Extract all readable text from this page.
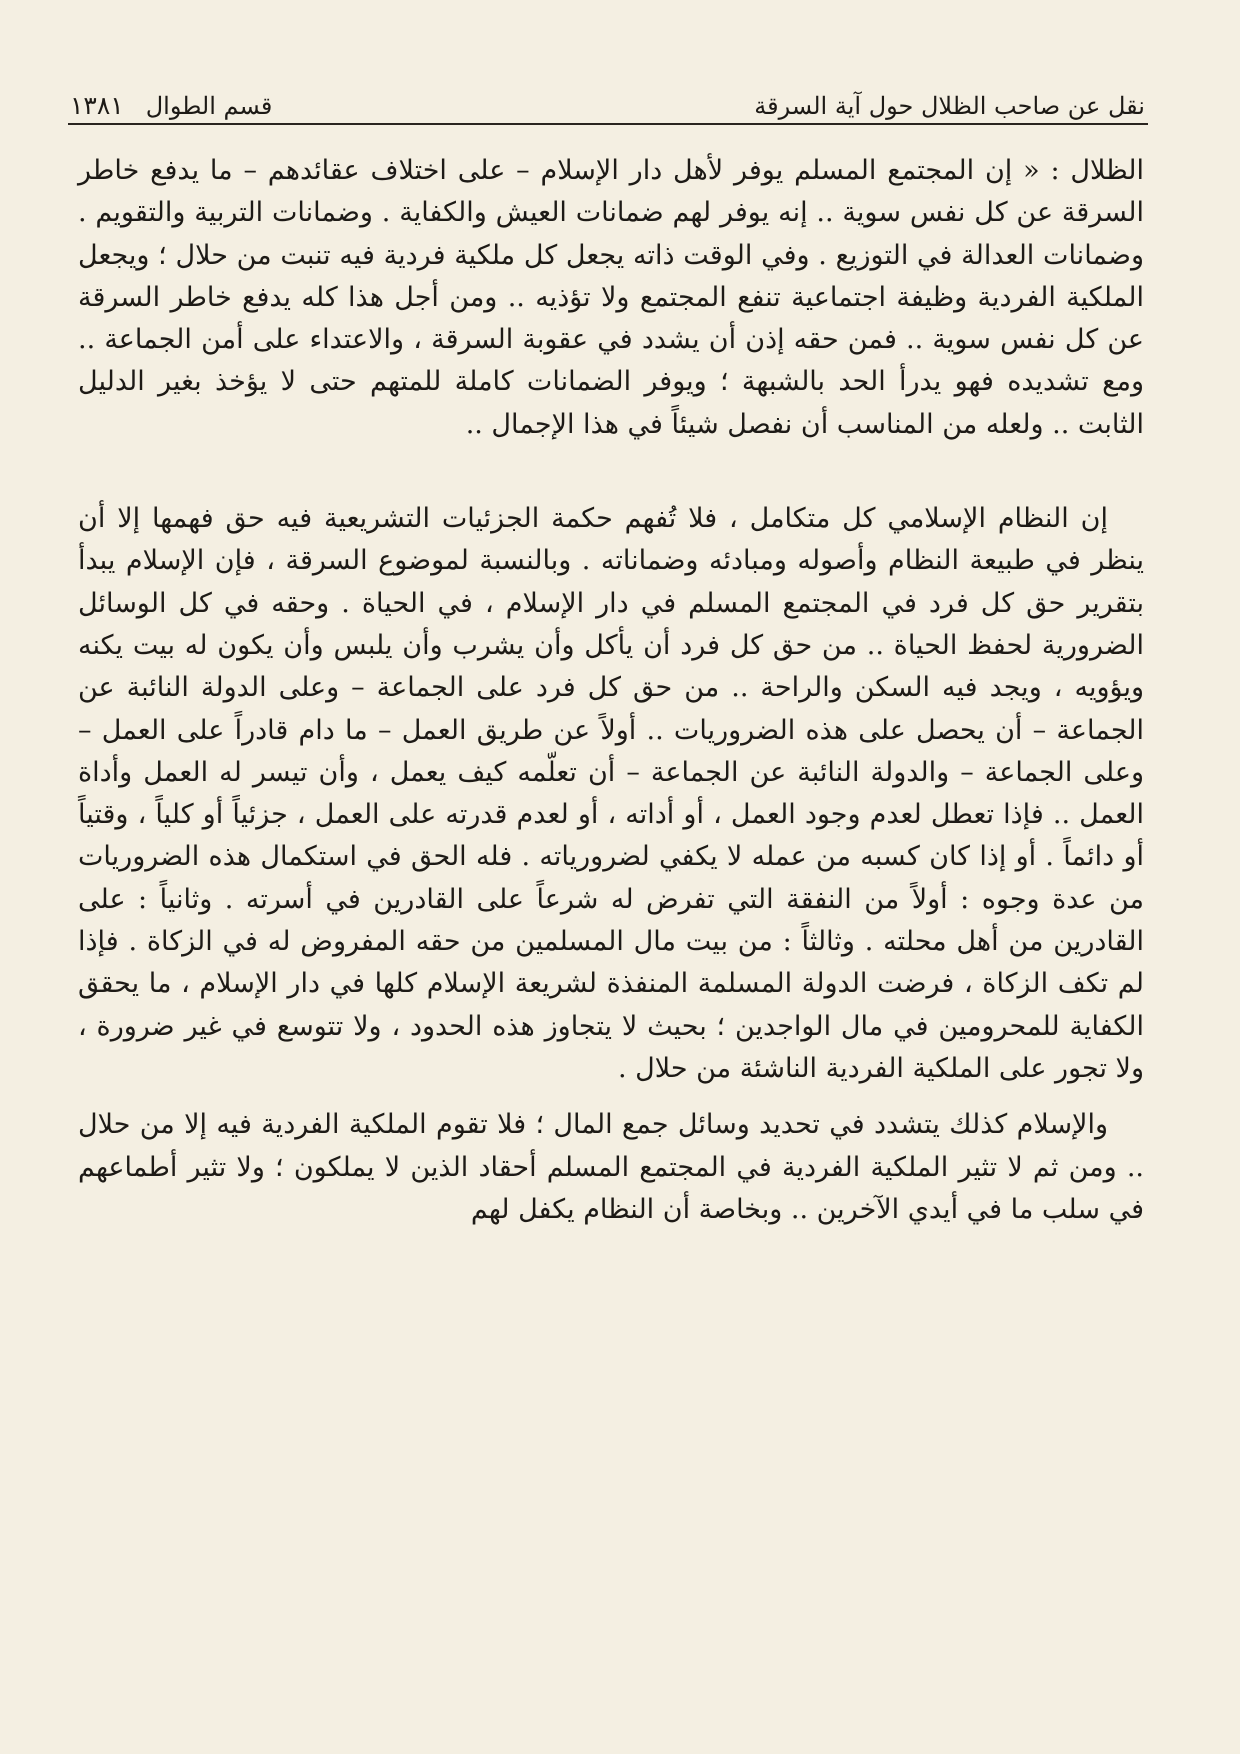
نقل عن صاحب الظلال حول آية السرقة
قسم الطوال
١٣٨١

الظلال : « إن المجتمع المسلم يوفر لأهل دار الإسلام – على اختلاف عقائدهم – ما يدفع خاطر السرقة عن كل نفس سوية .. إنه يوفر لهم ضمانات العيش والكفاية . وضمانات التربية والتقويم . وضمانات العدالة في التوزيع . وفي الوقت ذاته يجعل كل ملكية فردية فيه تنبت من حلال ؛ ويجعل الملكية الفردية وظيفة اجتماعية تنفع المجتمع ولا تؤذيه .. ومن أجل هذا كله يدفع خاطر السرقة عن كل نفس سوية .. فمن حقه إذن أن يشدد في عقوبة السرقة ، والاعتداء على أمن الجماعة .. ومع تشديده فهو يدرأ الحد بالشبهة ؛ ويوفر الضمانات كاملة للمتهم حتى لا يؤخذ بغير الدليل الثابت .. ولعله من المناسب أن نفصل شيئاً في هذا الإجمال ..

إن النظام الإسلامي كل متكامل ، فلا تُفهم حكمة الجزئيات التشريعية فيه حق فهمها إلا أن ينظر في طبيعة النظام وأصوله ومبادئه وضماناته . وبالنسبة لموضوع السرقة ، فإن الإسلام يبدأ بتقرير حق كل فرد في المجتمع المسلم في دار الإسلام ، في الحياة . وحقه في كل الوسائل الضرورية لحفظ الحياة .. من حق كل فرد أن يأكل وأن يشرب وأن يلبس وأن يكون له بيت يكنه ويؤويه ، ويجد فيه السكن والراحة .. من حق كل فرد على الجماعة – وعلى الدولة النائبة عن الجماعة – أن يحصل على هذه الضروريات .. أولاً عن طريق العمل – ما دام قادراً على العمل – وعلى الجماعة – والدولة النائبة عن الجماعة – أن تعلّمه كيف يعمل ، وأن تيسر له العمل وأداة العمل .. فإذا تعطل لعدم وجود العمل ، أو أداته ، أو لعدم قدرته على العمل ، جزئياً أو كلياً ، وقتياً أو دائماً . أو إذا كان كسبه من عمله لا يكفي لضرورياته . فله الحق في استكمال هذه الضروريات من عدة وجوه : أولاً من النفقة التي تفرض له شرعاً على القادرين في أسرته . وثانياً : على القادرين من أهل محلته . وثالثاً : من بيت مال المسلمين من حقه المفروض له في الزكاة . فإذا لم تكف الزكاة ، فرضت الدولة المسلمة المنفذة لشريعة الإسلام كلها في دار الإسلام ، ما يحقق الكفاية للمحرومين في مال الواجدين ؛ بحيث لا يتجاوز هذه الحدود ، ولا تتوسع في غير ضرورة ، ولا تجور على الملكية الفردية الناشئة من حلال .

والإسلام كذلك يتشدد في تحديد وسائل جمع المال ؛ فلا تقوم الملكية الفردية فيه إلا من حلال .. ومن ثم لا تثير الملكية الفردية في المجتمع المسلم أحقاد الذين لا يملكون ؛ ولا تثير أطماعهم في سلب ما في أيدي الآخرين .. وبخاصة أن النظام يكفل لهم
